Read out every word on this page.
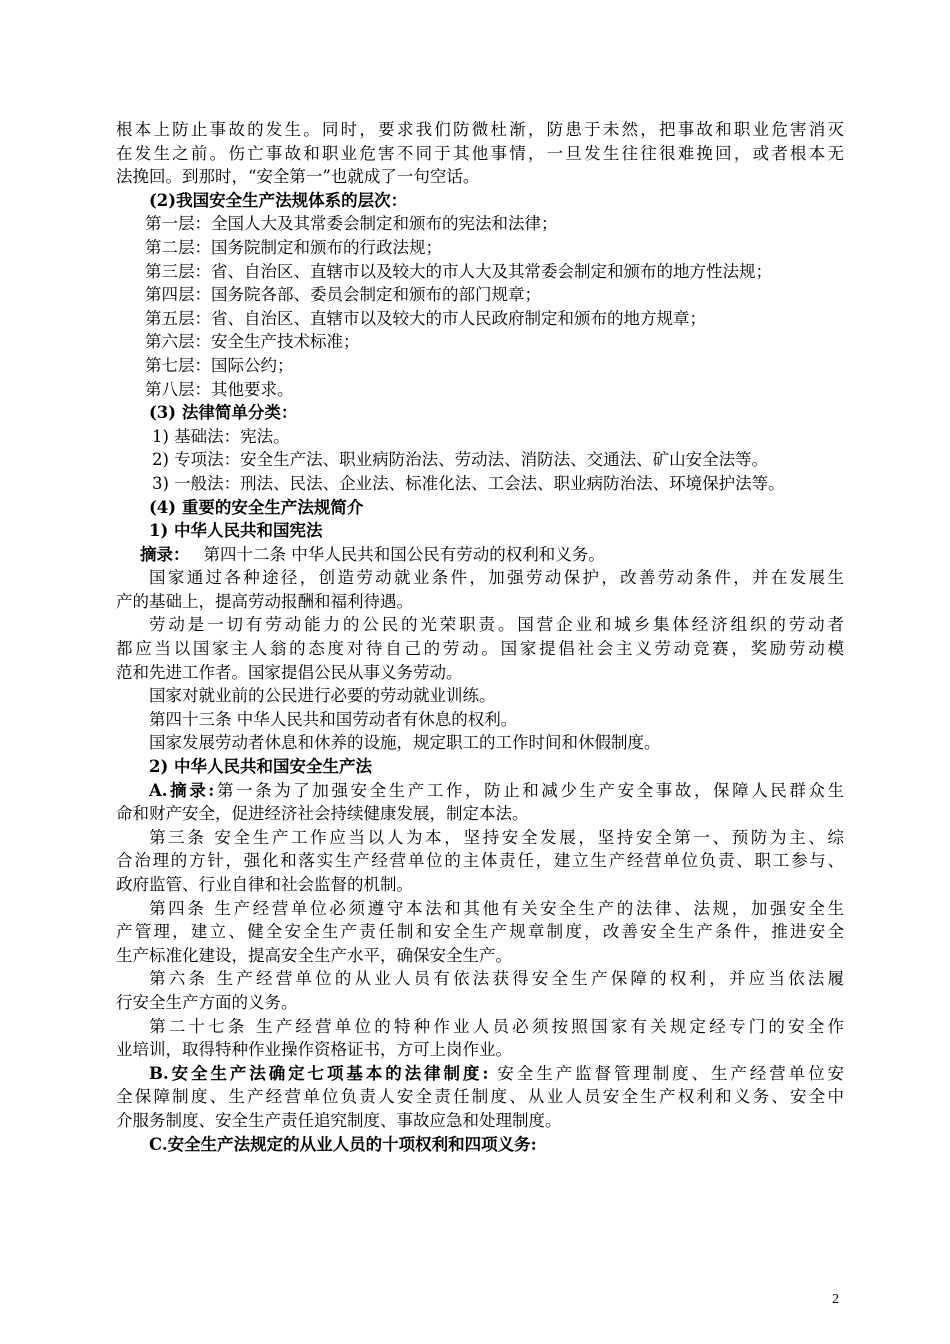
根本上防止事故的发生。同时，要求我们防微杜渐，防患于未然，把事故和职业危害消灭
在发生之前。伤亡事故和职业危害不同于其他事情，一旦发生往往很难挽回，或者根本无
法挽回。到那时，“安全第一”也就成了一句空话。
(2)我国安全生产法规体系的层次：
第一层：全国人大及其常委会制定和颁布的宪法和法律；
第二层：国务院制定和颁布的行政法规；
第三层：省、自治区、直辖市以及较大的市人大及其常委会制定和颁布的地方性法规；
第四层：国务院各部、委员会制定和颁布的部门规章；
第五层：省、自治区、直辖市以及较大的市人民政府制定和颁布的地方规章；
第六层：安全生产技术标准；
第七层：国际公约；
第八层：其他要求。
(3) 法律简单分类：
1) 基础法：宪法。
2) 专项法：安全生产法、职业病防治法、劳动法、消防法、交通法、矿山安全法等。
3) 一般法：刑法、民法、企业法、标准化法、工会法、职业病防治法、环境保护法等。
(4) 重要的安全生产法规简介
1) 中华人民共和国宪法
摘录： 第四十二条 中华人民共和国公民有劳动的权利和义务。
国家通过各种途径，创造劳动就业条件，加强劳动保护，改善劳动条件，并在发展生
产的基础上，提高劳动报酬和福利待遇。
劳动是一切有劳动能力的公民的光荣职责。国营企业和城乡集体经济组织的劳动者
都应当以国家主人翁的态度对待自己的劳动。国家提倡社会主义劳动竞赛，奖励劳动模
范和先进工作者。国家提倡公民从事义务劳动。
国家对就业前的公民进行必要的劳动就业训练。
第四十三条 中华人民共和国劳动者有休息的权利。
国家发展劳动者休息和休养的设施，规定职工的工作时间和休假制度。
2) 中华人民共和国安全生产法
A.摘录:第一条为了加强安全生产工作，防止和减少生产安全事故，保障人民群众生
命和财产安全，促进经济社会持续健康发展，制定本法。
第三条 安全生产工作应当以人为本，坚持安全发展，坚持安全第一、预防为主、综
合治理的方针，强化和落实生产经营单位的主体责任，建立生产经营单位负责、职工参与、
政府监管、行业自律和社会监督的机制。
第四条 生产经营单位必须遵守本法和其他有关安全生产的法律、法规，加强安全生
产管理，建立、健全安全生产责任制和安全生产规章制度，改善安全生产条件，推进安全
生产标准化建设，提高安全生产水平，确保安全生产。
第六条 生产经营单位的从业人员有依法获得安全生产保障的权利，并应当依法履
行安全生产方面的义务。
第二十七条 生产经营单位的特种作业人员必须按照国家有关规定经专门的安全作
业培训，取得特种作业操作资格证书，方可上岗作业。
B.安全生产法确定七项基本的法律制度: 安全生产监督管理制度、生产经营单位安
全保障制度、生产经营单位负责人安全责任制度、从业人员安全生产权利和义务、安全中
介服务制度、安全生产责任追究制度、事故应急和处理制度。
C.安全生产法规定的从业人员的十项权利和四项义务:
2
